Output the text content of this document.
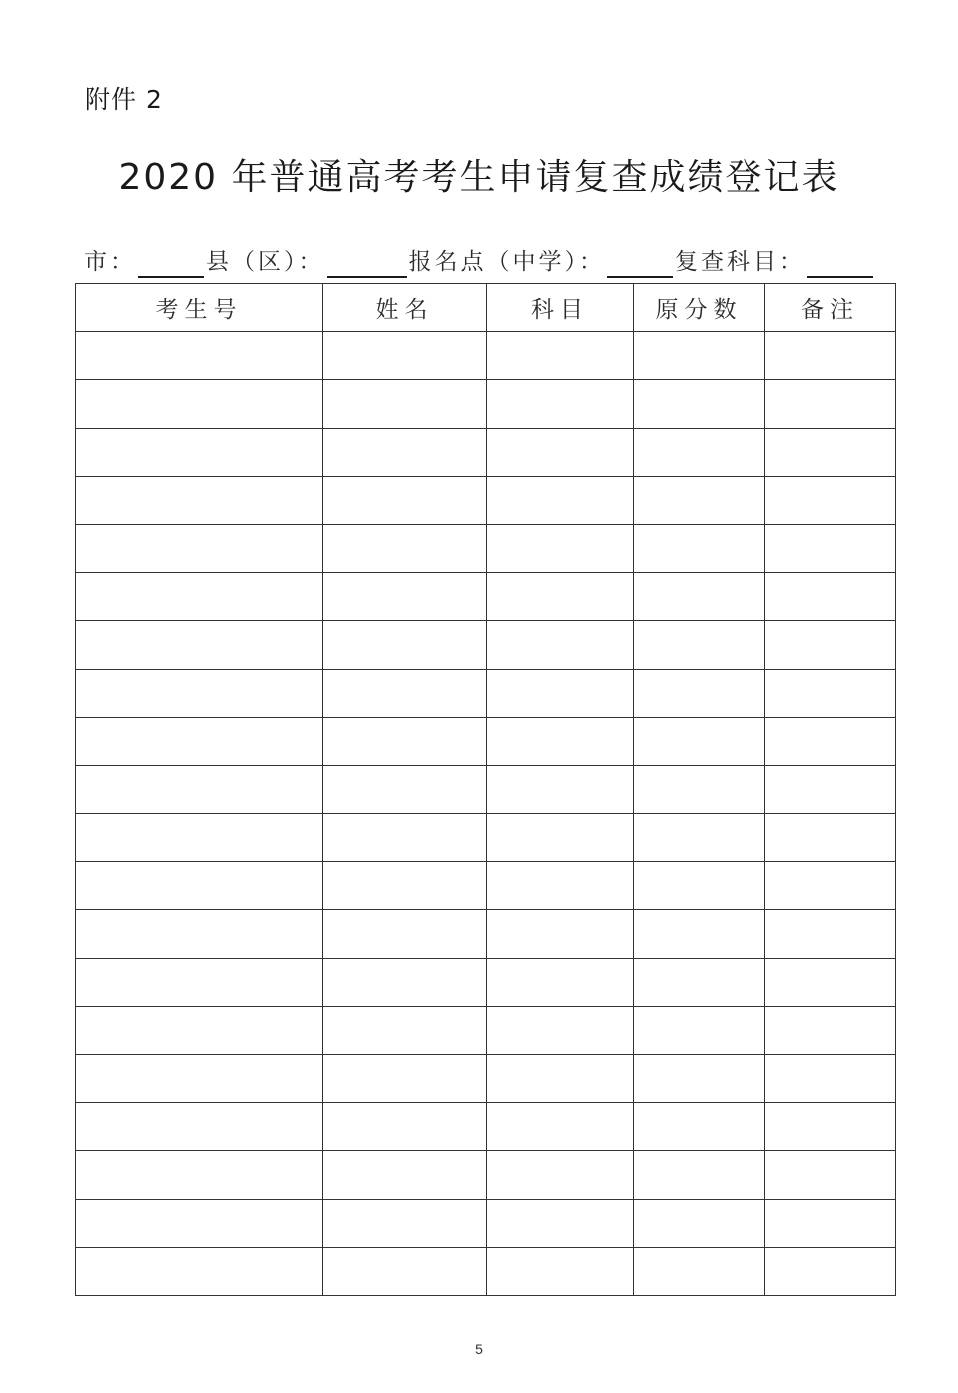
附件 2
2020 年普通高考考生申请复查成绩登记表
市：	县（区）：	报名点（中学）：	复查科目：
考生号	姓名	科目	原分数	备注

5
